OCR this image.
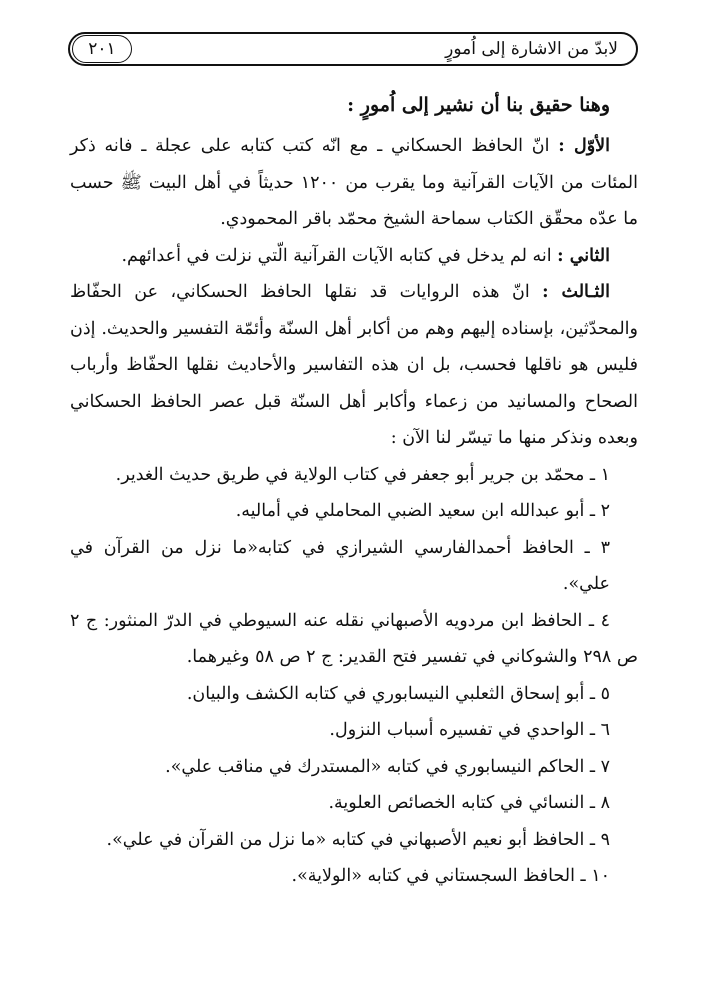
لابدّ من الاشارة إلى اُمورٍ
٢٠١
وهنا حقيق بنا أن نشير إلى اُمورٍ :

الأوّل : انّ الحافظ الحسكاني ـ مع انّه كتب كتابه على عجلة ـ فانه ذكر المئات من الآيات القرآنية وما يقرب من ١٢٠٠ حديثاً في أهل البيت ﷺ حسب ما عدّه محقّق الكتاب سماحة الشيخ محمّد باقر المحمودي.

الثاني : انه لم يدخل في كتابه الآيات القرآنية الّتي نزلت في أعدائهم.

الثـالث : انّ هذه الروايات قد نقلها الحافظ الحسكاني، عن الحفّاظ والمحدّثين، بإسناده إليهم وهم من أكابر أهل السنّة وأئمّة التفسير والحديث. إذن فليس هو ناقلها فحسب، بل ان هذه التفاسير والأحاديث نقلها الحفّاظ وأرباب الصحاح والمسانيد من زعماء وأكابر أهل السنّة قبل عصر الحافظ الحسكاني وبعده ونذكر منها ما تيسّر لنا الآن :

١ ـ محمّد بن جرير أبو جعفر في كتاب الولاية في طريق حديث الغدير.

٢ ـ أبو عبدالله ابن سعيد الضبي المحاملي في أماليه.

٣ ـ الحافظ أحمدالفارسي الشيرازي في كتابه«ما نزل من القرآن في علي».

٤ ـ الحافظ ابن مردويه الأصبهاني نقله عنه السيوطي في الدرّ المنثور: ج ٢ ص ٢٩٨ والشوكاني في تفسير فتح القدير: ج ٢ ص ٥٨ وغيرهما.

٥ ـ أبو إسحاق الثعلبي النيسابوري في كتابه الكشف والبيان.

٦ ـ الواحدي في تفسيره أسباب النزول.

٧ ـ الحاكم النيسابوري في كتابه «المستدرك في مناقب علي».

٨ ـ النسائي في كتابه الخصائص العلوية.

٩ ـ الحافظ أبو نعيم الأصبهاني في كتابه «ما نزل من القرآن في علي».

١٠ ـ الحافظ السجستاني في كتابه «الولاية».
